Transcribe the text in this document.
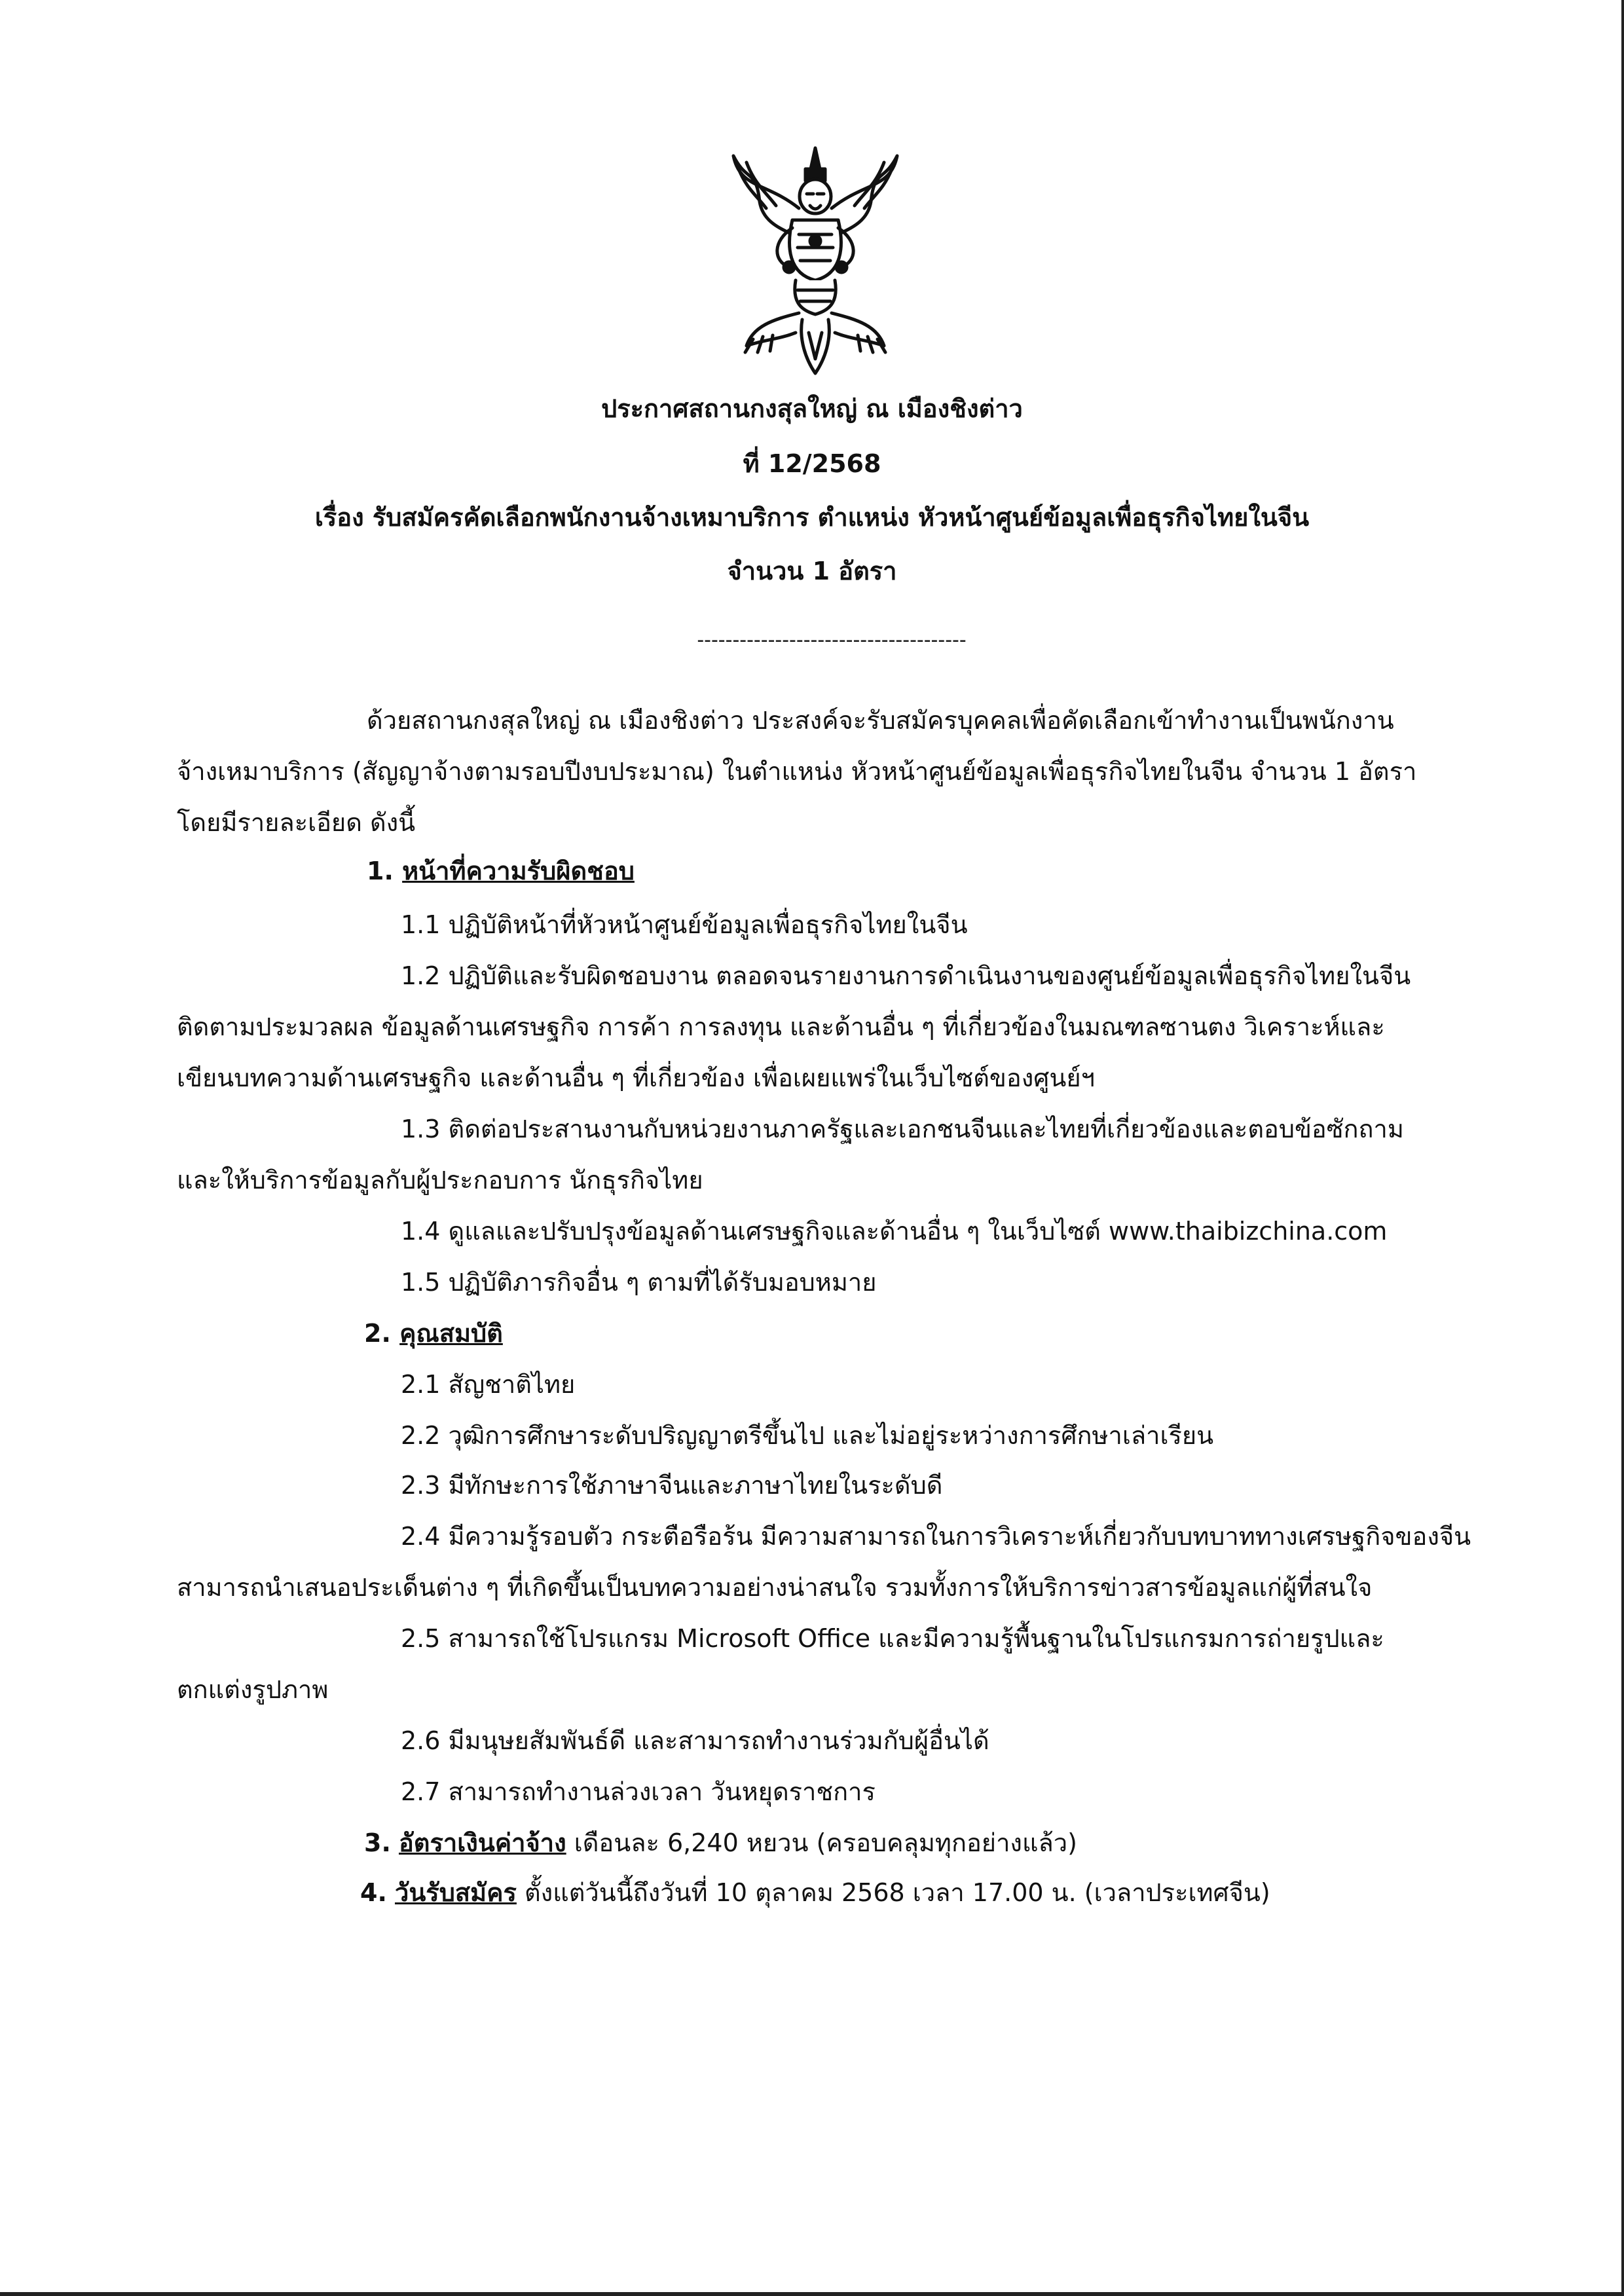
ประกาศสถานกงสุลใหญ่ ณ เมืองชิงต่าว
ที่ 12/2568
เรื่อง รับสมัครคัดเลือกพนักงานจ้างเหมาบริการ ตำแหน่ง หัวหน้าศูนย์ข้อมูลเพื่อธุรกิจไทยในจีน
จำนวน 1 อัตรา
--------------------------------------
ด้วยสถานกงสุลใหญ่ ณ เมืองชิงต่าว ประสงค์จะรับสมัครบุคคลเพื่อคัดเลือกเข้าทำงานเป็นพนักงาน
จ้างเหมาบริการ (สัญญาจ้างตามรอบปีงบประมาณ) ในตำแหน่ง หัวหน้าศูนย์ข้อมูลเพื่อธุรกิจไทยในจีน จำนวน 1 อัตรา
โดยมีรายละเอียด ดังนี้
1. หน้าที่ความรับผิดชอบ
1.1 ปฏิบัติหน้าที่หัวหน้าศูนย์ข้อมูลเพื่อธุรกิจไทยในจีน
1.2 ปฏิบัติและรับผิดชอบงาน ตลอดจนรายงานการดำเนินงานของศูนย์ข้อมูลเพื่อธุรกิจไทยในจีน
ติดตามประมวลผล ข้อมูลด้านเศรษฐกิจ การค้า การลงทุน และด้านอื่น ๆ ที่เกี่ยวข้องในมณฑลซานตง วิเคราะห์และ
เขียนบทความด้านเศรษฐกิจ และด้านอื่น ๆ ที่เกี่ยวข้อง เพื่อเผยแพร่ในเว็บไซต์ของศูนย์ฯ
1.3 ติดต่อประสานงานกับหน่วยงานภาครัฐและเอกชนจีนและไทยที่เกี่ยวข้องและตอบข้อซักถาม
และให้บริการข้อมูลกับผู้ประกอบการ นักธุรกิจไทย
1.4 ดูแลและปรับปรุงข้อมูลด้านเศรษฐกิจและด้านอื่น ๆ ในเว็บไซต์ www.thaibizchina.com
1.5 ปฏิบัติภารกิจอื่น ๆ ตามที่ได้รับมอบหมาย
2. คุณสมบัติ
2.1 สัญชาติไทย
2.2 วุฒิการศึกษาระดับปริญญาตรีขึ้นไป และไม่อยู่ระหว่างการศึกษาเล่าเรียน
2.3 มีทักษะการใช้ภาษาจีนและภาษาไทยในระดับดี
2.4 มีความรู้รอบตัว กระตือรือร้น มีความสามารถในการวิเคราะห์เกี่ยวกับบทบาททางเศรษฐกิจของจีน
สามารถนำเสนอประเด็นต่าง ๆ ที่เกิดขึ้นเป็นบทความอย่างน่าสนใจ รวมทั้งการให้บริการข่าวสารข้อมูลแก่ผู้ที่สนใจ
2.5 สามารถใช้โปรแกรม Microsoft Office และมีความรู้พื้นฐานในโปรแกรมการถ่ายรูปและ
ตกแต่งรูปภาพ
2.6 มีมนุษยสัมพันธ์ดี และสามารถทำงานร่วมกับผู้อื่นได้
2.7 สามารถทำงานล่วงเวลา วันหยุดราชการ
3. อัตราเงินค่าจ้าง เดือนละ 6,240 หยวน (ครอบคลุมทุกอย่างแล้ว)
4. วันรับสมัคร ตั้งแต่วันนี้ถึงวันที่ 10 ตุลาคม 2568 เวลา 17.00 น. (เวลาประเทศจีน)
